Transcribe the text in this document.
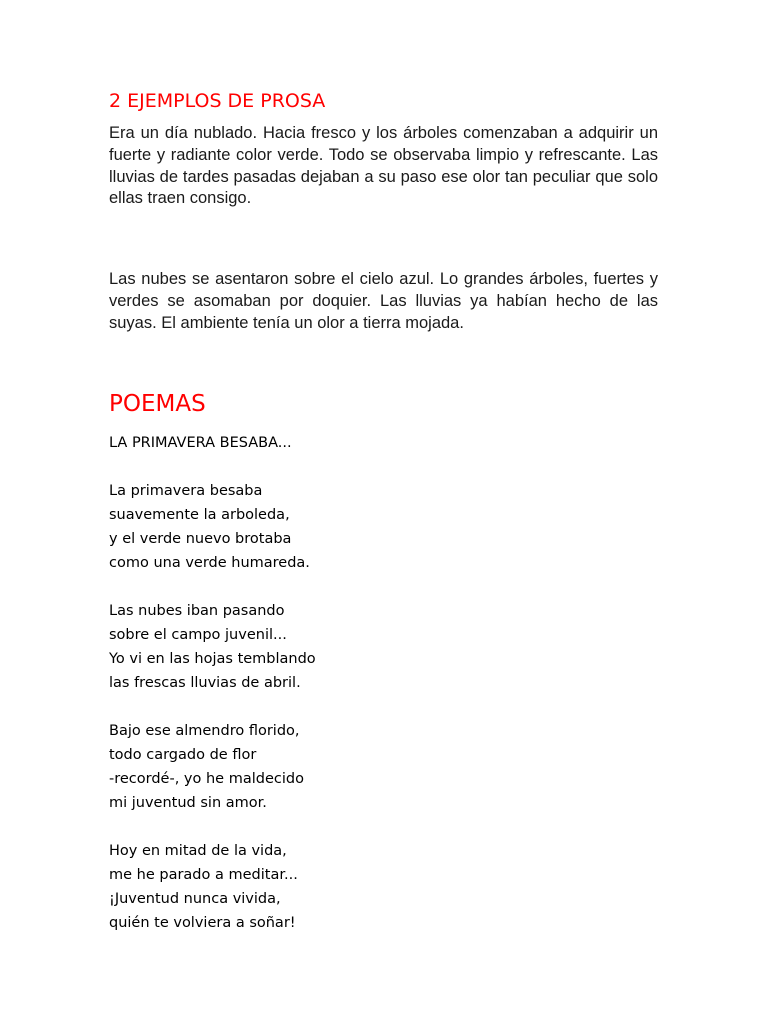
2 EJEMPLOS DE PROSA

Era un día nublado. Hacia fresco y los árboles comenzaban a adquirir un fuerte y radiante color verde. Todo se observaba limpio y refrescante. Las lluvias de tardes pasadas dejaban a su paso ese olor tan peculiar que solo ellas traen consigo.

Las nubes se asentaron sobre el cielo azul. Lo grandes árboles, fuertes y verdes se asomaban por doquier. Las lluvias ya habían hecho de las suyas. El ambiente tenía un olor a tierra mojada.

POEMAS
LA PRIMAVERA BESABA...
La primavera besaba
suavemente la arboleda,
y el verde nuevo brotaba
como una verde humareda.
Las nubes iban pasando
sobre el campo juvenil...
Yo vi en las hojas temblando
las frescas lluvias de abril.
Bajo ese almendro florido,
todo cargado de flor
-recordé-, yo he maldecido
mi juventud sin amor.
Hoy en mitad de la vida,
me he parado a meditar...
¡Juventud nunca vivida,
quién te volviera a soñar!
